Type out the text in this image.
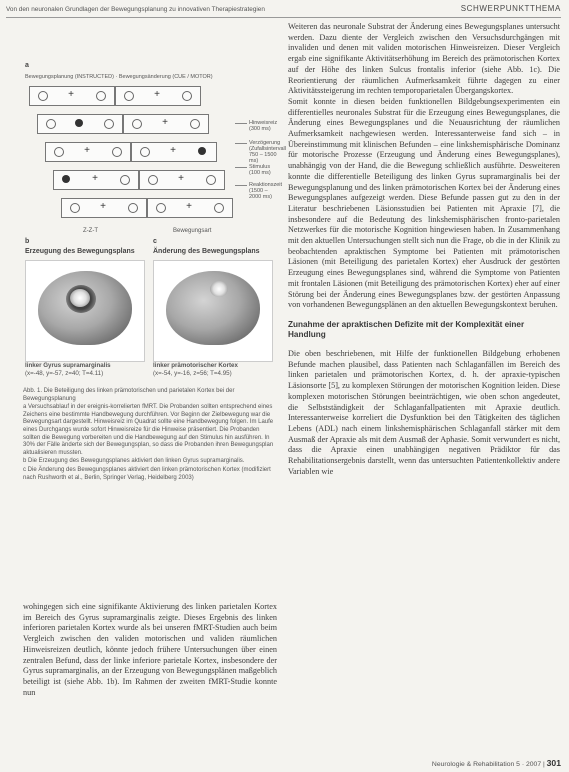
Von den neuronalen Grundlagen der Bewegungsplanung zu innovativen Therapiestrategien	SCHWERPUNKTTHEMA
a
Bewegungsplanung (INSTRUCTED) · Bewegungsänderung (CUE / MOTOR)
+	+
+
+	+
+	+
+	+
Hinweisreiz (300 ms)
Verzögerung (Zufallsintervall 750 – 1500 ms)
Stimulus (100 ms)
Reaktionszeit (1500 – 2000 ms)
Z-Z-T	Bewegungsart
b	c
Erzeugung des Bewegungsplans	Änderung des Bewegungsplans
linker Gyrus supramarginalis
(x=-48, y=-57, z=40; T=4.11)
linker prämotorischer Kortex
(x=-54, y=-16, z=56; T=4.95)

Abb. 1. Die Beteiligung des linken prämotorischen und parietalen Kortex bei der Bewegungsplanung

a Versuchsablauf in der ereignis-korrelierten fMRT. Die Probanden sollten entsprechend eines Zeichens eine bestimmte Handbewegung durchführen. Vor Beginn der Zielbewegung war die Bewegungsart dargestellt. Hinweisreiz im Quadrat sollte eine Handbewegung folgen. Im Laufe eines Durchgangs wurde sofort Hinweisreize für die Hinweise präsentiert. Die Probanden sollten die Bewegung vorbereiten und die Handbewegung auf den Stimulus hin ausführen. In 30% der Fälle änderte sich der Bewegungsplan, so dass die Probanden ihren Bewegungsplan aktualisieren mussten.

b Die Erzeugung des Bewegungsplanes aktiviert den linken Gyrus supramarginalis.

c Die Änderung des Bewegungsplanes aktiviert den linken prämotorischen Kortex (modifiziert nach Rushworth et al., Berlin, Springer Verlag, Heidelberg 2003)

wohingegen sich eine signifikante Aktivierung des linken parietalen Kortex im Bereich des Gyrus supramarginalis zeigte. Dieses Ergebnis des linken inferioren parietalen Kortex wurde als bei unseren fMRT-Studien auch beim Vergleich zwischen den validen motorischen und validen räumlichen Hinweisreizen deutlich, könnte jedoch frühere Untersuchungen über einen zentralen Befund, dass der linke inferiore parietale Kortex, insbesondere der Gyrus supramarginalis, an der Erzeugung von Bewegungsplänen maßgeblich beteiligt ist (siehe Abb. 1b). Im Rahmen der zweiten fMRT-Studie konnte nun

Weiteren das neuronale Substrat der Änderung eines Bewegungsplanes untersucht werden. Dazu diente der Vergleich zwischen den Versuchsdurchgängen mit invaliden und denen mit validen motorischen Hinweisreizen. Dieser Vergleich ergab eine signifikante Aktivitätserhöhung im Bereich des prämotorischen Kortex auf der Höhe des linken Sulcus frontalis inferior (siehe Abb. 1c). Die Reorientierung der räumlichen Aufmerksamkeit führte dagegen zu einer Aktivitätssteigerung im rechten temporoparietalen Übergangskortex.

Somit konnte in diesen beiden funktionellen Bildgebungsexperimenten ein differentielles neuronales Substrat für die Erzeugung eines Bewegungsplanes, die Änderung eines Bewegungsplanes und die Neuausrichtung der räumlichen Aufmerksamkeit nachgewiesen werden. Interessanterweise fand sich – in Übereinstimmung mit klinischen Befunden – eine linkshemisphärische Dominanz für motorische Prozesse (Erzeugung und Änderung eines Bewegungsplanes), unabhängig von der Hand, die die Bewegung schließlich ausführte. Desweiteren konnte die differentielle Beteiligung des linken Gyrus supramarginalis bei der Bewegungsplanung und des linken prämotorischen Kortex bei der Änderung eines Bewegungsplanes aufgezeigt werden. Diese Befunde passen gut zu den in der Literatur beschriebenen Läsionsstudien bei Patienten mit Apraxie [7], die insbesondere auf die Bedeutung des linkshemisphärischen fronto-parietalen Netzwerkes für die motorische Kognition hingewiesen haben. In Zusammenhang mit den aktuellen Untersuchungen stellt sich nun die Frage, ob die in der Klinik zu beobachtenden apraktischen Symptome bei Patienten mit prämotorischen Läsionen (mit Beteiligung des parietalen Kortex) eher Ausdruck der gestörten Erzeugung eines Bewegungsplanes sind, während die Symptome von Patienten mit frontalen Läsionen (mit Beteiligung des prämotorischen Kortex) eher auf einer Störung bei der Änderung eines Bewegungsplanes bzw. der gestörten Anpassung von vorhandenen Bewegungsplänen an den aktuellen Bewegungskontext beruhen.

Zunahme der apraktischen Defizite mit der Komplexität einer Handlung

Die oben beschriebenen, mit Hilfe der funktionellen Bildgebung erhobenen Befunde machen plausibel, dass Patienten nach Schlaganfällen im Bereich des linken parietalen und prämotorischen Kortex, d. h. der apraxie-typischen Läsionsorte [5], zu komplexen Störungen der motorischen Kognition leiden. Diese komplexen motorischen Störungen beeinträchtigen, wie oben schon angedeutet, die Selbstständigkeit der Schlaganfallpatienten mit Apraxie deutlich. Interessanterweise korreliert die Dysfunktion bei den Tätigkeiten des täglichen Lebens (ADL) nach einem linkshemisphärischen Schlaganfall stärker mit dem Ausmaß der Apraxie als mit dem Ausmaß der Aphasie. Somit verwundert es nicht, dass die Apraxie einen unabhängigen negativen Prädiktor für das Rehabilitationsergebnis darstellt, wenn das untersuchten Patientenkollektiv andere Variablen wie

Neurologie & Rehabilitation 5 · 2007 | 301
